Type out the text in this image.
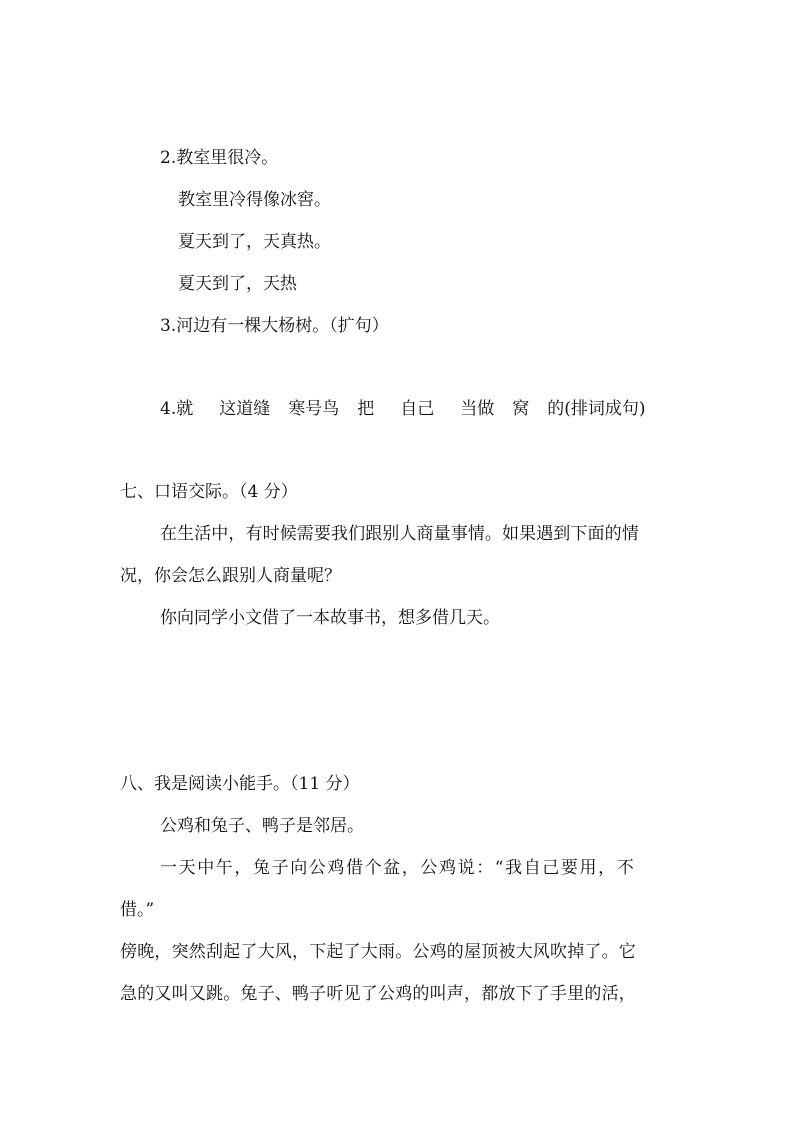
2.教室里很冷。
教室里冷得像冰窖。
夏天到了，天真热。
夏天到了，天热
3.河边有一棵大杨树。（扩句）
4.就 这道缝 寒号鸟 把 自己 当做 窝 的(排词成句)
七、口语交际。（4 分）
在生活中，有时候需要我们跟别人商量事情。如果遇到下面的情
况，你会怎么跟别人商量呢？
你向同学小文借了一本故事书，想多借几天。
八、我是阅读小能手。（11 分）
公鸡和兔子、鸭子是邻居。
一天中午，兔子向公鸡借个盆，公鸡说：“我自己要用，不
借。”
傍晚，突然刮起了大风，下起了大雨。公鸡的屋顶被大风吹掉了。它
急的又叫又跳。兔子、鸭子听见了公鸡的叫声，都放下了手里的活，
